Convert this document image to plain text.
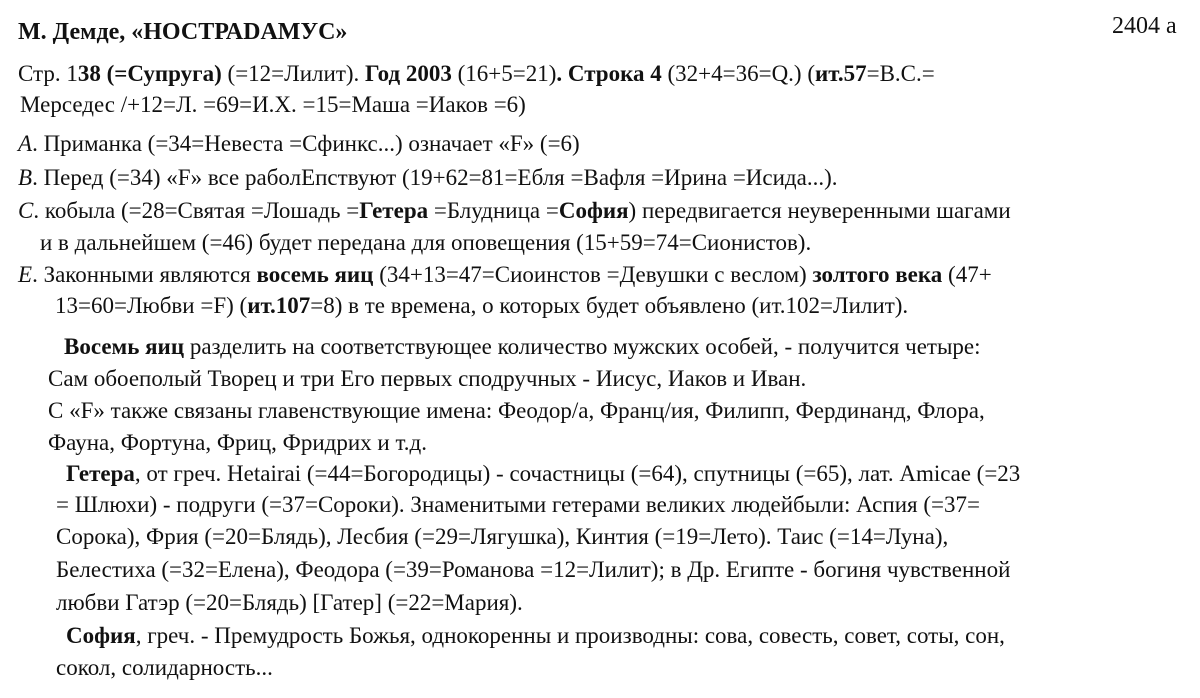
М. Демде, «НОСТРАDAMУС»	2404 а
Стр. 138 (=Супруга) (=12=Лилит). Год 2003 (16+5=21). Строка 4 (32+4=36=Q.) (ит.57=В.С.=
Мерседес /+12=Л. =69=И.Х. =15=Маша =Иаков =6)
A. Приманка (=34=Невеста =Сфинкс...) означает «F» (=6)
B. Перед (=34) «F» все раболЕпствуют (19+62=81=Ебля =Вафля =Ирина =Исида...).
C. кобыла (=28=Святая =Лошадь =Гетера =Блудница =София) передвигается неуверенными шагами
и в дальнейшем (=46) будет передана для оповещения (15+59=74=Сионистов).
E. Законными являются восемь яиц (34+13=47=Сиоинстов =Девушки с веслом) золтого века (47+
13=60=Любви =F) (ит.107=8) в те времена, о которых будет объявлено (ит.102=Лилит).
Восемь яиц разделить на соответствующее количество мужских особей, - получится четыре:
Сам обоеполый Творец и три Его первых сподручных - Иисус, Иаков и Иван.
С «F» также связаны главенствующие имена: Феодор/а, Франц/ия, Филипп, Фердинанд, Флора,
Фауна, Фортуна, Фриц, Фридрих и т.д.
Гетера, от греч. Hetairai (=44=Богородицы) - сочастницы (=64), спутницы (=65), лат. Amicae (=23
= Шлюхи) - подруги (=37=Сороки). Знаменитыми гетерами великих людейбыли: Аспия (=37=
Сорока), Фрия (=20=Блядь), Лесбия (=29=Лягушка), Кинтия (=19=Лето). Таис (=14=Луна),
Белестиха (=32=Елена), Феодора (=39=Романова =12=Лилит); в Др. Египте - богиня чувственной
любви Гатэр (=20=Блядь) [Гатер] (=22=Мария).
София, греч. - Премудрость Божья, однокоренны и производны: сова, совесть, совет, соты, сон,
сокол, солидарность...
